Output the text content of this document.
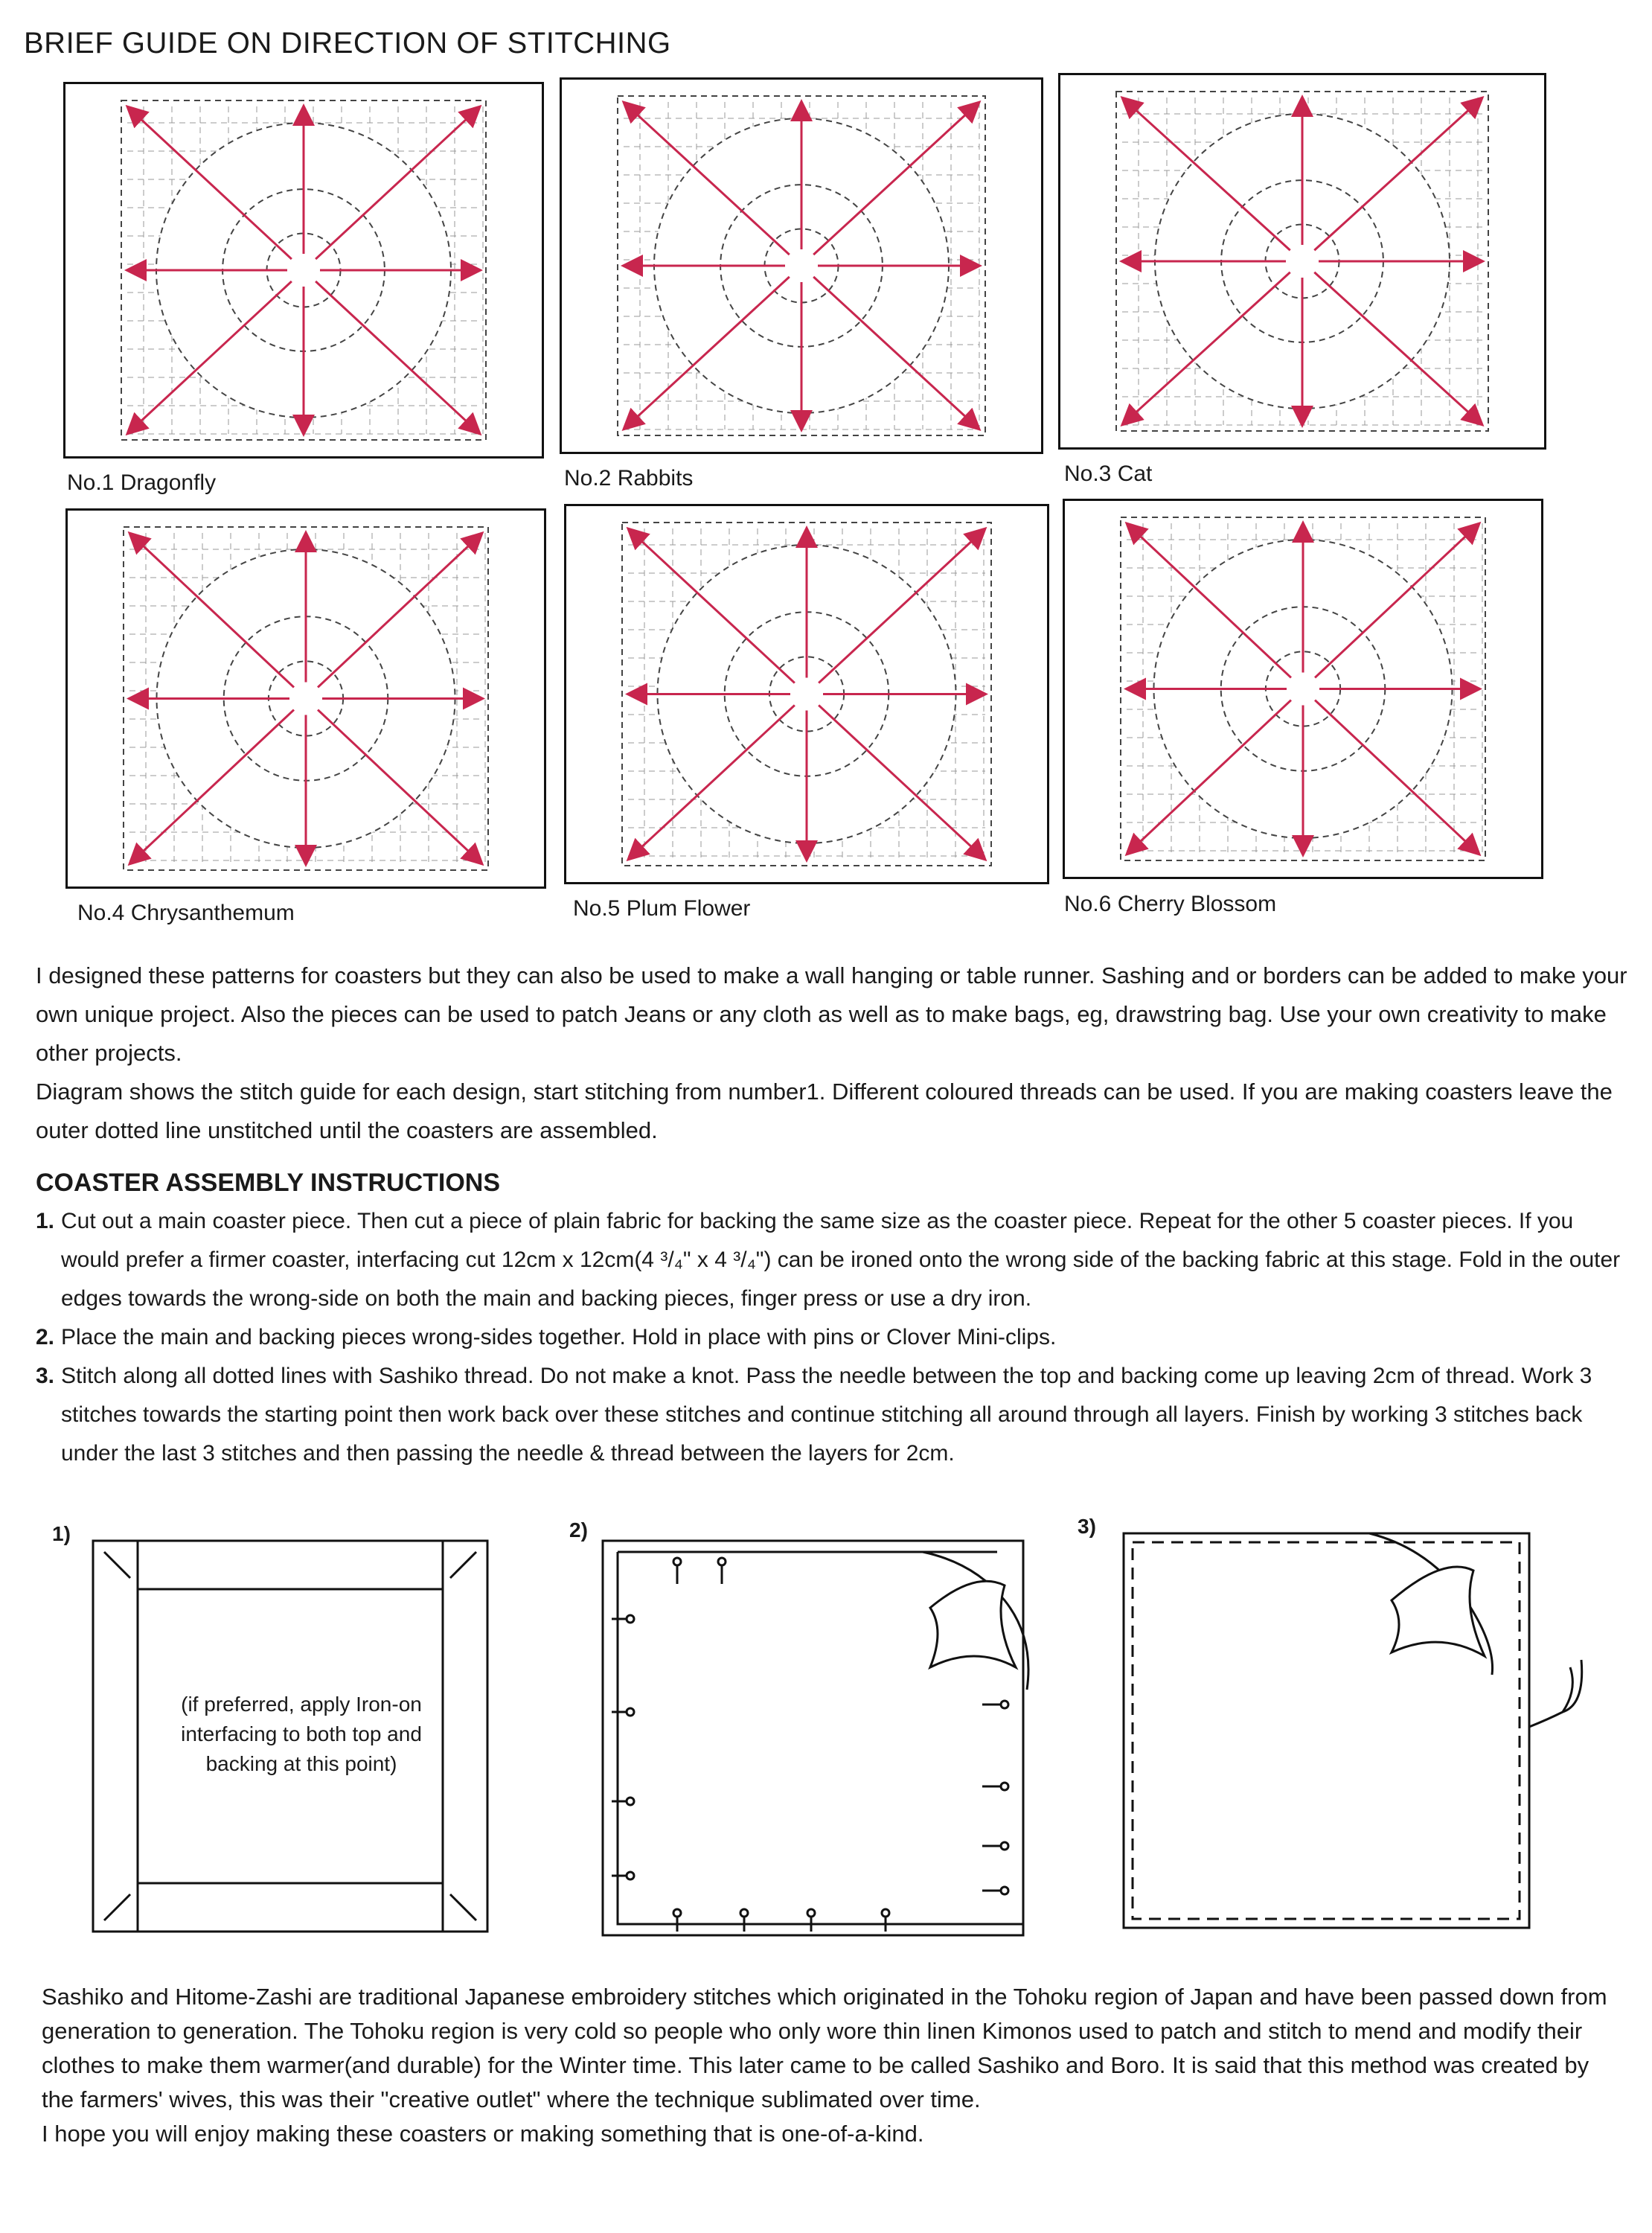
BRIEF GUIDE ON DIRECTION OF STITCHING
No.1 Dragonfly	No.2 Rabbits	No.3 Cat
No.4 Chrysanthemum	No.5 Plum Flower	No.6 Cherry Blossom

I designed these patterns for coasters but they can also be used to make a wall hanging or table runner. Sashing and or borders can be added to make your own unique project. Also the pieces can be used to patch Jeans or any cloth as well as to make bags, eg, drawstring bag. Use your own creativity to make other projects.

Diagram shows the stitch guide for each design, start stitching from number1. Different coloured threads can be used. If you are making coasters leave the outer dotted line unstitched until the coasters are assembled.

COASTER ASSEMBLY INSTRUCTIONS
1. Cut out a main coaster piece. Then cut a piece of plain fabric for backing the same size as the coaster piece. Repeat for the other 5 coaster pieces. If you would prefer a firmer coaster, interfacing cut 12cm x 12cm(4 ³/₄" x 4 ³/₄") can be ironed onto the wrong side of the backing fabric at this stage. Fold in the outer edges towards the wrong-side on both the main and backing pieces, finger press or use a dry iron.
2. Place the main and backing pieces wrong-sides together. Hold in place with pins or Clover Mini-clips.
3. Stitch along all dotted lines with Sashiko thread. Do not make a knot. Pass the needle between the top and backing come up leaving 2cm of thread. Work 3 stitches towards the starting point then work back over these stitches and continue stitching all around through all layers. Finish by working 3 stitches back under the last 3 stitches and then passing the needle & thread between the layers for 2cm.
1)
(if preferred, apply Iron-on interfacing to both top and backing at this point)
2)	3)

Sashiko and Hitome-Zashi are traditional Japanese embroidery stitches which originated in the Tohoku region of Japan and have been passed down from generation to generation. The Tohoku region is very cold so people who only wore thin linen Kimonos used to patch and stitch to mend and modify their clothes to make them warmer(and durable) for the Winter time. This later came to be called Sashiko and Boro. It is said that this method was created by the farmers' wives, this was their "creative outlet" where the technique sublimated over time.

I hope you will enjoy making these coasters or making something that is one-of-a-kind.
